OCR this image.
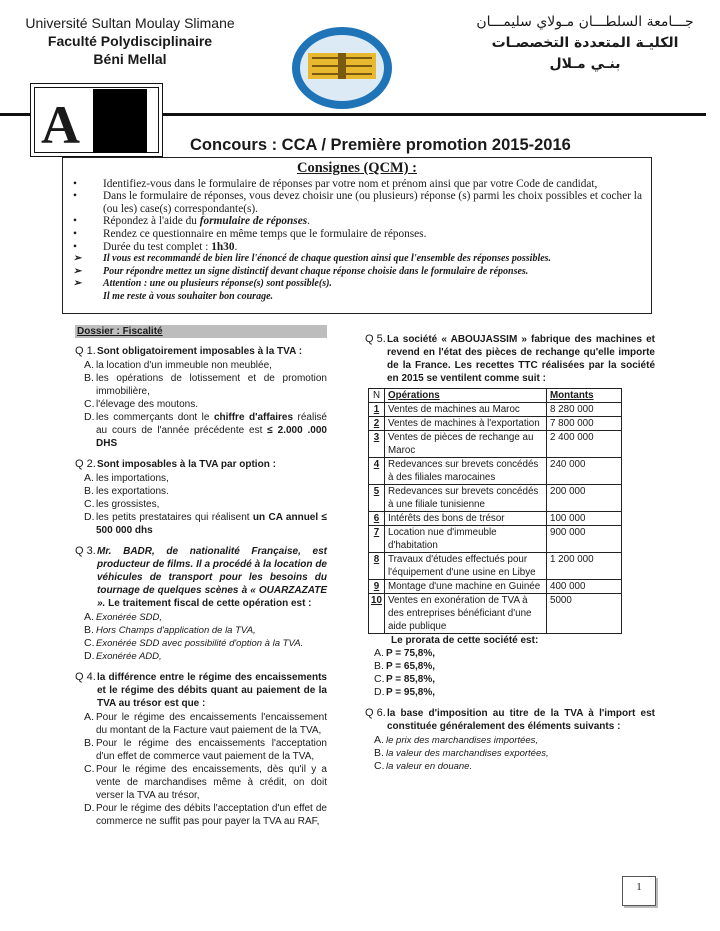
Université Sultan Moulay Slimane
Faculté Polydisciplinaire
Béni Mellal
جـــامعة السلطـــان مـولاي سليمـــان
الكليـة المتعددة التخصصـات
بنـي مـلال
A	Concours : CCA / Première promotion 2015-2016
Consignes (QCM) :
•	Identifiez-vous dans le formulaire de réponses par votre nom et prénom ainsi que par votre Code de candidat,
•	Dans le formulaire de réponses, vous devez choisir une (ou plusieurs) réponse (s) parmi les choix possibles et cocher la (ou les) case(s) correspondante(s).
•	Répondez à l'aide du formulaire de réponses.
•	Rendez ce questionnaire en même temps que le formulaire de réponses.
•	Durée du test complet : 1h30.
➢	Il vous est recommandé de bien lire l'énoncé de chaque question ainsi que l'ensemble des réponses possibles.
➢	Pour répondre mettez un signe distinctif devant chaque réponse choisie dans le formulaire de réponses.
➢	Attention : une ou plusieurs réponse(s) sont possible(s).
Il me reste à vous souhaiter bon courage.
Dossier : Fiscalité
Q 1. Sont obligatoirement imposables à la TVA :
A. la location d'un immeuble non meublée,
B. les opérations de lotissement et de promotion immobilière,
C. l'élevage des moutons.
D. les commerçants dont le chiffre d'affaires réalisé au cours de l'année précédente est ≤ 2.000 .000 DHS
Q 2. Sont imposables à la TVA par option :
A. les importations,
B. les exportations.
C. les grossistes,
D. les petits prestataires qui réalisent un CA annuel ≤ 500 000 dhs
Q 3. Mr. BADR, de nationalité Française, est producteur de films. Il a procédé à la location de véhicules de transport pour les besoins du tournage de quelques scènes à « OUARZAZATE ». Le traitement fiscal de cette opération est :
A. Exonérée SDD,
B. Hors Champs d'application de la TVA,
C. Exonérée SDD avec possibilité d'option à la TVA.
D. Exonérée ADD,
Q 4. la différence entre le régime des encaissements et le régime des débits quant au paiement de la TVA au trésor est que :
A. Pour le régime des encaissements l'encaissement du montant de la Facture vaut paiement de la TVA,
B. Pour le régime des encaissements l'acceptation d'un effet de commerce vaut paiement de la TVA,
C. Pour le régime des encaissements, dès qu'il y a vente de marchandises même à crédit, on doit verser la TVA au trésor,
D. Pour le régime des débits l'acceptation d'un effet de commerce ne suffit pas pour payer la TVA au RAF,
Q 5. La société « ABOUJASSIM » fabrique des machines et revend en l'état des pièces de rechange qu'elle importe de la France. Les recettes TTC réalisées par la société en 2015 se ventilent comme suit :
N	Opérations	Montants
1	Ventes de machines au Maroc	8 280 000
2	Ventes de machines à l'exportation	7 800 000
3	Ventes de pièces de rechange au Maroc	2 400 000
4	Redevances sur brevets concédés à des filiales marocaines	240 000
5	Redevances sur brevets concédés à une filiale tunisienne	200 000
6	Intérêts des bons de trésor	100 000
7	Location nue d'immeuble d'habitation	900 000
8	Travaux d'études effectués pour l'équipement d'une usine en Libye	1 200 000
9	Montage d'une machine en Guinée	400 000
10	Ventes en exonération de TVA à des entreprises bénéficiant d'une aide publique	5000
Le prorata de cette société est:
A. P = 75,8%,
B. P = 65,8%,
C. P = 85,8%,
D. P = 95,8%,
Q 6. la base d'imposition au titre de la TVA à l'import est constituée généralement des éléments suivants :
A. le prix des marchandises importées,
B. la valeur des marchandises exportées,
C. la valeur en douane.
1
